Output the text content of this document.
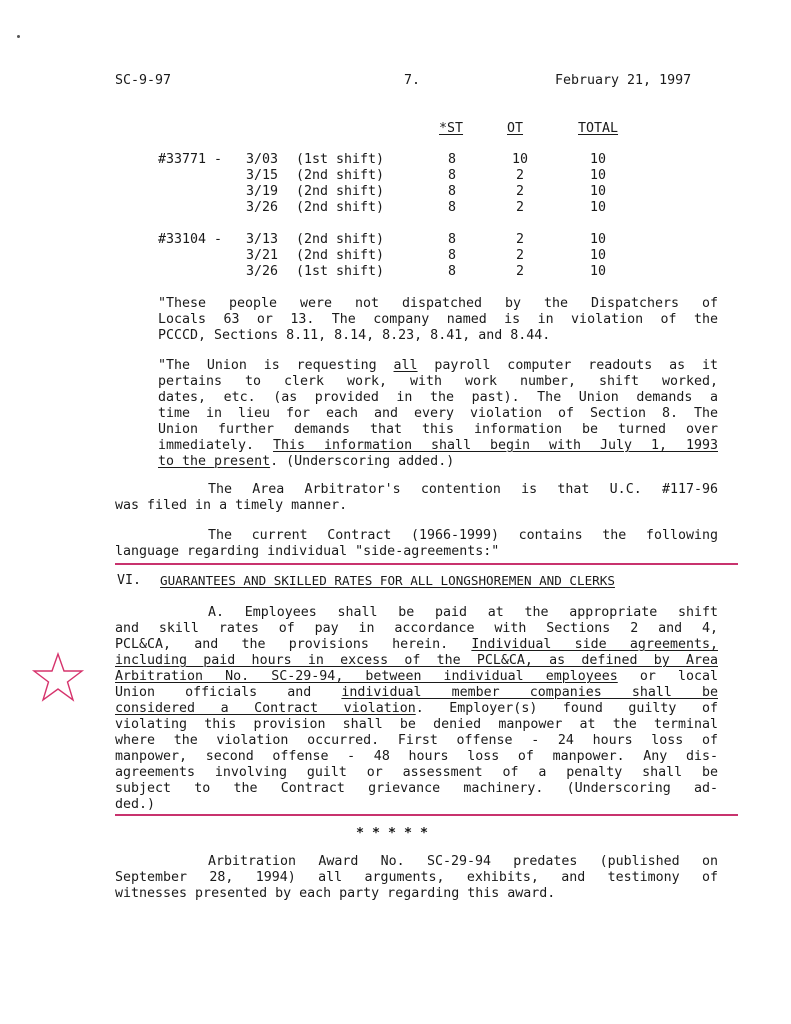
SC-9-97	7.	February 21, 1997
*ST	OT	TOTAL
#33771 - 3/03 (1st shift)	8	10	10
3/15 (2nd shift)	8	2	10
3/19 (2nd shift)	8	2	10
3/26 (2nd shift)	8	2	10
#33104 - 3/13 (2nd shift)	8	2	10
3/21 (2nd shift)	8	2	10
3/26 (1st shift)	8	2	10
"These people were not dispatched by the Dispatchers of
Locals 63 or 13. The company named is in violation of the
PCCCD, Sections 8.11, 8.14, 8.23, 8.41, and 8.44.
"The Union is requesting all payroll computer readouts as it
pertains to clerk work, with work number, shift worked,
dates, etc. (as provided in the past). The Union demands a
time in lieu for each and every violation of Section 8. The
Union further demands that this information be turned over
immediately. This information shall begin with July 1, 1993
to the present. (Underscoring added.)
The Area Arbitrator's contention is that U.C. #117-96
was filed in a timely manner.
The current Contract (1966-1999) contains the following
language regarding individual "side-agreements:"
VI. GUARANTEES AND SKILLED RATES FOR ALL LONGSHOREMEN AND CLERKS
A. Employees shall be paid at the appropriate shift
and skill rates of pay in accordance with Sections 2 and 4,
PCL&CA, and the provisions herein. Individual side agreements,
including paid hours in excess of the PCL&CA, as defined by Area
Arbitration No. SC-29-94, between individual employees or local
Union officials and individual member companies shall be
considered a Contract violation. Employer(s) found guilty of
violating this provision shall be denied manpower at the terminal
where the violation occurred. First offense - 24 hours loss of
manpower, second offense - 48 hours loss of manpower. Any dis-
agreements involving guilt or assessment of a penalty shall be
subject to the Contract grievance machinery. (Underscoring ad-
ded.)
* * * * *
Arbitration Award No. SC-29-94 predates (published on
September 28, 1994) all arguments, exhibits, and testimony of
witnesses presented by each party regarding this award.
